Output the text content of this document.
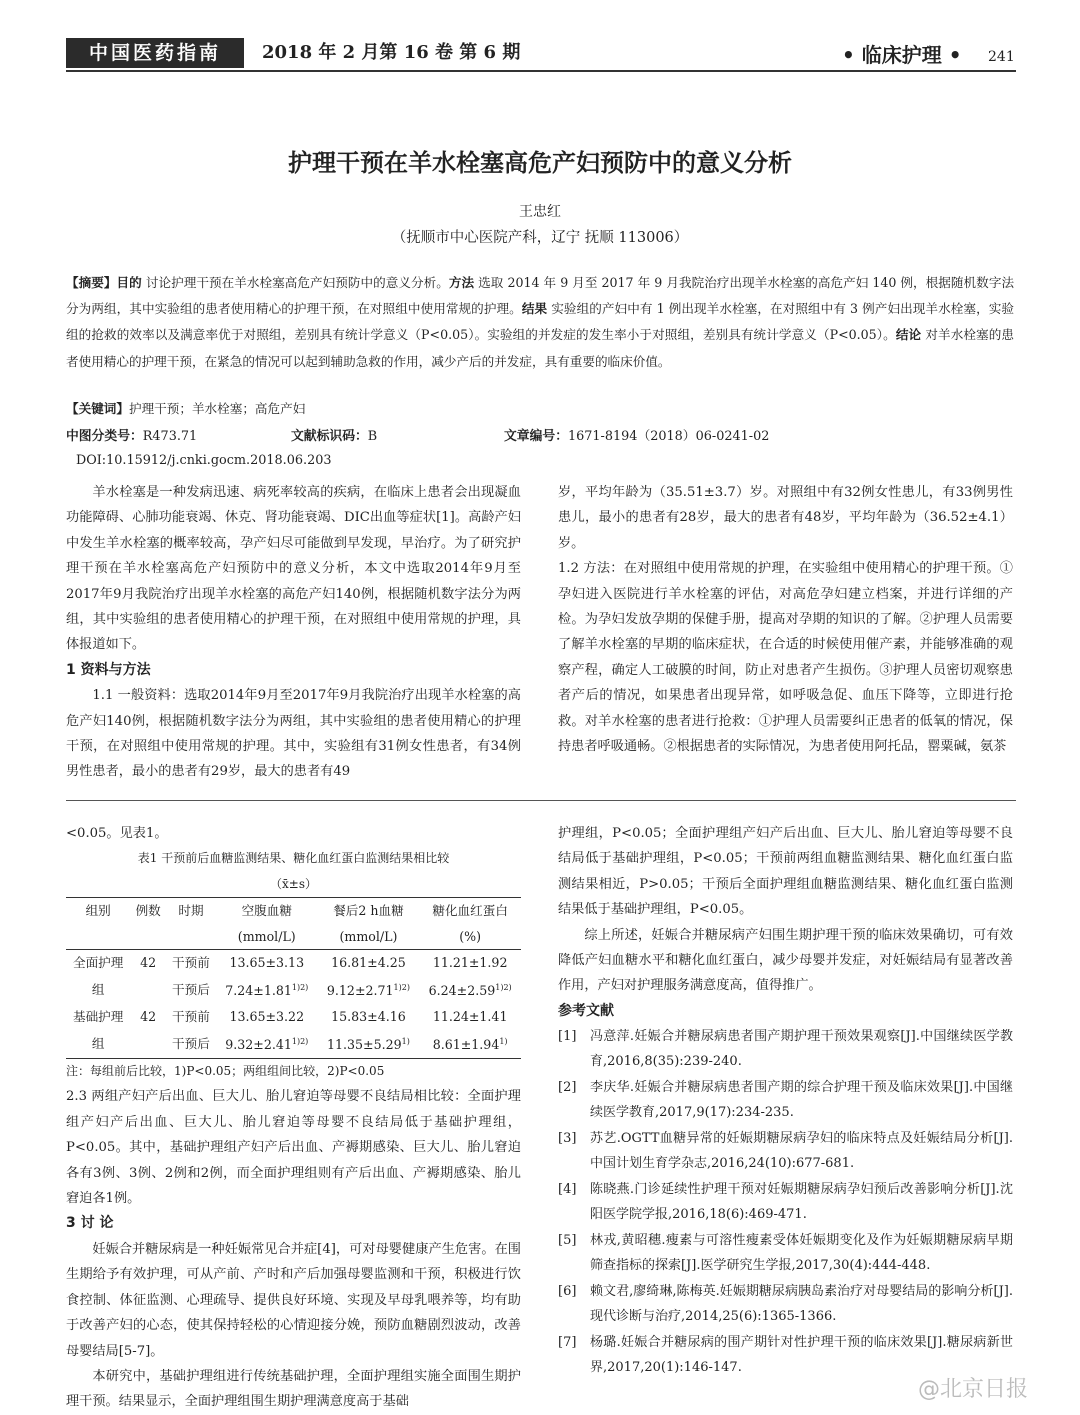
中国医药指南	2018 年 2 月第 16 卷 第 6 期	• 临床护理 • 241
护理干预在羊水栓塞高危产妇预防中的意义分析
王忠红
（抚顺市中心医院产科，辽宁 抚顺 113006）
【摘要】目的 讨论护理干预在羊水栓塞高危产妇预防中的意义分析。方法 选取 2014 年 9 月至 2017 年 9 月我院治疗出现羊水栓塞的高危产妇 140 例，根据随机数字法分为两组，其中实验组的患者使用精心的护理干预，在对照组中使用常规的护理。结果 实验组的产妇中有 1 例出现羊水栓塞，在对照组中有 3 例产妇出现羊水栓塞，实验组的抢救的效率以及满意率优于对照组，差别具有统计学意义（P<0.05）。实验组的并发症的发生率小于对照组，差别具有统计学意义（P<0.05）。结论 对羊水栓塞的患者使用精心的护理干预，在紧急的情况可以起到辅助急救的作用，减少产后的并发症，具有重要的临床价值。
【关键词】护理干预；羊水栓塞；高危产妇
中图分类号：R473.71	文献标识码：B	文章编号：1671-8194（2018）06-0241-02
DOI:10.15912/j.cnki.gocm.2018.06.203

羊水栓塞是一种发病迅速、病死率较高的疾病，在临床上患者会出现凝血功能障碍、心肺功能衰竭、休克、肾功能衰竭、DIC出血等症状[1]。高龄产妇中发生羊水栓塞的概率较高，孕产妇尽可能做到早发现，早治疗。为了研究护理干预在羊水栓塞高危产妇预防中的意义分析，本文中选取2014年9月至2017年9月我院治疗出现羊水栓塞的高危产妇140例，根据随机数字法分为两组，其中实验组的患者使用精心的护理干预，在对照组中使用常规的护理，具体报道如下。

1 资料与方法

1.1 一般资料：选取2014年9月至2017年9月我院治疗出现羊水栓塞的高危产妇140例，根据随机数字法分为两组，其中实验组的患者使用精心的护理干预，在对照组中使用常规的护理。其中，实验组有31例女性患者，有34例男性患者，最小的患者有29岁，最大的患者有49

岁，平均年龄为（35.51±3.7）岁。对照组中有32例女性患儿，有33例男性患儿，最小的患者有28岁，最大的患者有48岁，平均年龄为（36.52±4.1）岁。

1.2 方法：在对照组中使用常规的护理，在实验组中使用精心的护理干预。①孕妇进入医院进行羊水栓塞的评估，对高危孕妇建立档案，并进行详细的产检。为孕妇发放孕期的保健手册，提高对孕期的知识的了解。②护理人员需要了解羊水栓塞的早期的临床症状，在合适的时候使用催产素，并能够准确的观察产程，确定人工破膜的时间，防止对患者产生损伤。③护理人员密切观察患者产后的情况，如果患者出现异常，如呼吸急促、血压下降等，立即进行抢救。对羊水栓塞的患者进行抢救：①护理人员需要纠正患者的低氧的情况，保持患者呼吸通畅。②根据患者的实际情况，为患者使用阿托品，罂粟碱，氨茶

<0.05。见表1。

表1 干预前后血糖监测结果、糖化血红蛋白监测结果相比较

（x̄±s）

组别	例数	时期	空腹血糖	餐后2 h血糖	糖化血红蛋白
			(mmol/L)	(mmol/L)	(%)
全面护理	42	干预前	13.65±3.13	16.81±4.25	11.21±1.92
组		干预后	$7.24\pm 1.81^{1)2)}$	$9.12\pm 2.71^{1)2)}$	$6.24\pm 2.59^{1)2)}$
基础护理	42	干预前	13.65±3.22	15.83±4.16	11.24±1.41
组		干预后	$9.32\pm 2.41^{1)2)}$	$11.35\pm 5.29^{1)}$	$8.61\pm 1.94^{1)}$

注：每组前后比较，1)P<0.05；两组组间比较，2)P<0.05

2.3 两组产妇产后出血、巨大儿、胎儿窘迫等母婴不良结局相比较：全面护理组产妇产后出血、巨大儿、胎儿窘迫等母婴不良结局低于基础护理组，P<0.05。其中，基础护理组产妇产后出血、产褥期感染、巨大儿、胎儿窘迫各有3例、3例、2例和2例，而全面护理组则有产后出血、产褥期感染、胎儿窘迫各1例。

3 讨 论

妊娠合并糖尿病是一种妊娠常见合并症[4]，可对母婴健康产生危害。在围生期给予有效护理，可从产前、产时和产后加强母婴监测和干预，积极进行饮食控制、体征监测、心理疏导、提供良好环境、实现及早母乳喂养等，均有助于改善产妇的心态，使其保持轻松的心情迎接分娩，预防血糖剧烈波动，改善母婴结局[5-7]。

本研究中，基础护理组进行传统基础护理，全面护理组实施全面围生期护理干预。结果显示，全面护理组围生期护理满意度高于基础

护理组，P<0.05；全面护理组产妇产后出血、巨大儿、胎儿窘迫等母婴不良结局低于基础护理组，P<0.05；干预前两组血糖监测结果、糖化血红蛋白监测结果相近，P>0.05；干预后全面护理组血糖监测结果、糖化血红蛋白监测结果低于基础护理组，P<0.05。

综上所述，妊娠合并糖尿病产妇围生期护理干预的临床效果确切，可有效降低产妇血糖水平和糖化血红蛋白，减少母婴并发症，对妊娠结局有显著改善作用，产妇对护理服务满意度高，值得推广。

参考文献

[1]	冯意萍.妊娠合并糖尿病患者围产期护理干预效果观察[J].中国继续医学教育,2016,8(35):239-240.
[2]	李庆华.妊娠合并糖尿病患者围产期的综合护理干预及临床效果[J].中国继续医学教育,2017,9(17):234-235.
[3]	苏艺.OGTT血糖异常的妊娠期糖尿病孕妇的临床特点及妊娠结局分析[J].中国计划生育学杂志,2016,24(10):677-681.
[4]	陈晓燕.门诊延续性护理干预对妊娠期糖尿病孕妇预后改善影响分析[J].沈阳医学院学报,2016,18(6):469-471.
[5]	林戎,黄昭穗.瘦素与可溶性瘦素受体妊娠期变化及作为妊娠期糖尿病早期筛查指标的探索[J].医学研究生学报,2017,30(4):444-448.
[6]	赖文君,廖绮琳,陈梅英.妊娠期糖尿病胰岛素治疗对母婴结局的影响分析[J].现代诊断与治疗,2014,25(6):1365-1366.
[7]	杨璐.妊娠合并糖尿病的围产期针对性护理干预的临床效果[J].糖尿病新世界,2017,20(1):146-147.
@北京日报
